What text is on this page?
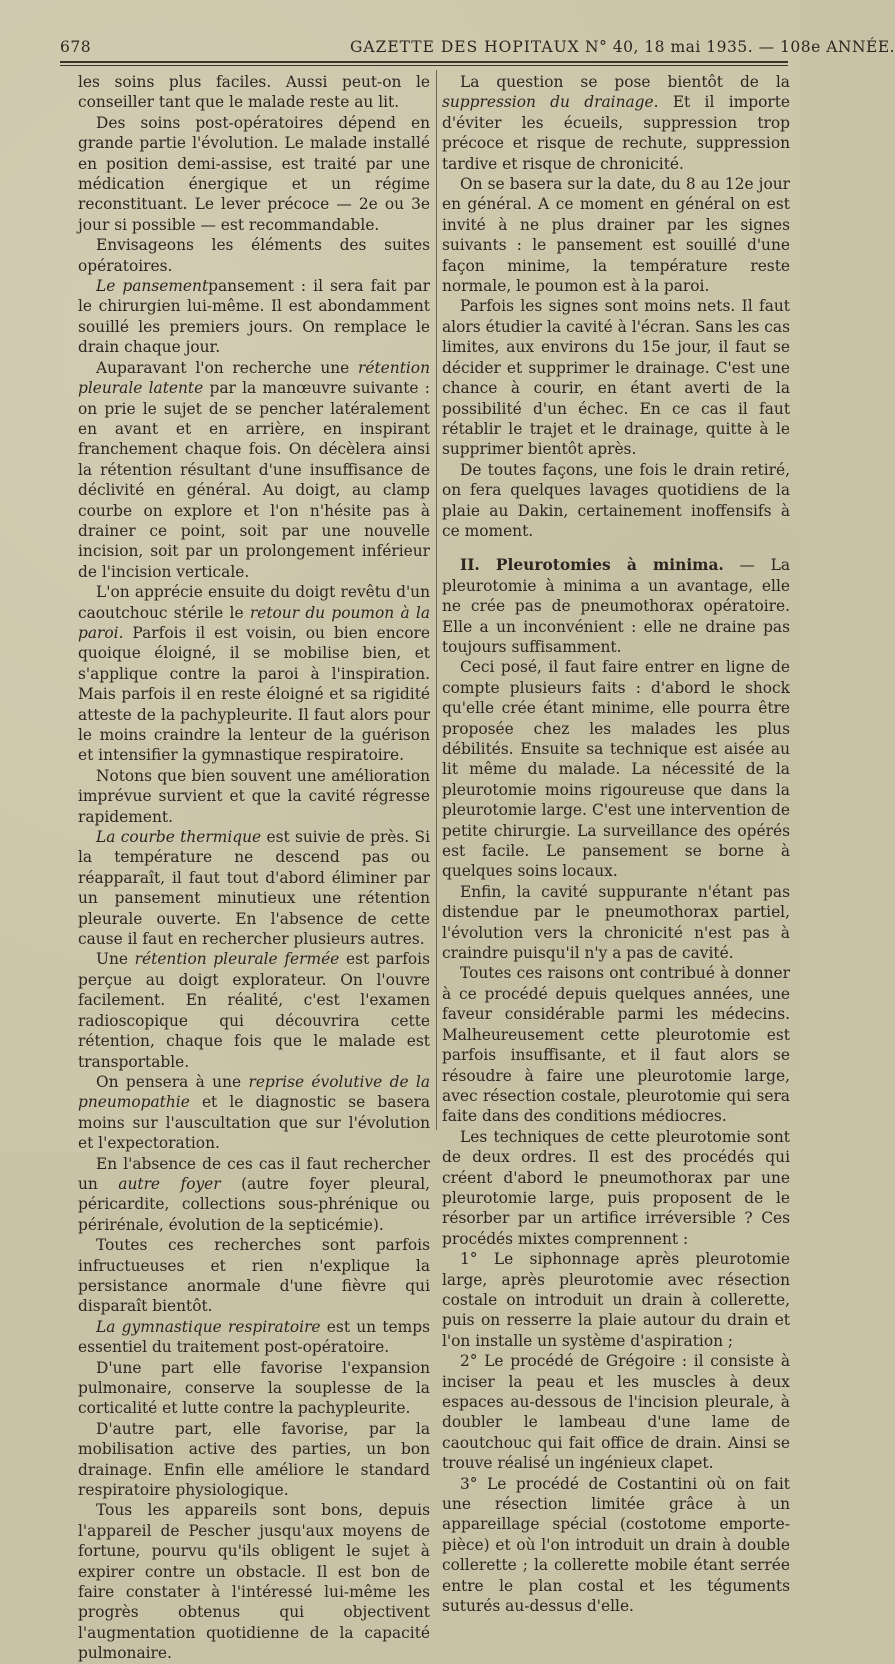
678	GAZETTE DES HOPITAUX N° 40, 18 mai 1935. — 108e ANNÉE.

les soins plus faciles. Aussi peut-on le conseiller tant que le malade reste au lit.

Des soins post-opératoires dépend en grande partie l'évolution. Le malade installé en position demi-assise, est traité par une médication énergique et un régime reconstituant. Le lever précoce — 2e ou 3e jour si possible — est recommandable.

Envisageons les éléments des suites opératoires.

Le pansementpansement : il sera fait par le chirurgien lui-même. Il est abondamment souillé les premiers jours. On remplace le drain chaque jour.

Auparavant l'on recherche une rétention pleurale latente par la manœuvre suivante : on prie le sujet de se pencher latéralement en avant et en arrière, en inspirant franchement chaque fois. On décèlera ainsi la rétention résultant d'une insuffisance de déclivité en général. Au doigt, au clamp courbe on explore et l'on n'hésite pas à drainer ce point, soit par une nouvelle incision, soit par un prolongement inférieur de l'incision verticale.

L'on apprécie ensuite du doigt revêtu d'un caoutchouc stérile le retour du poumon à la paroi. Parfois il est voisin, ou bien encore quoique éloigné, il se mobilise bien, et s'applique contre la paroi à l'inspiration. Mais parfois il en reste éloigné et sa rigidité atteste de la pachypleurite. Il faut alors pour le moins craindre la lenteur de la guérison et intensifier la gymnastique respiratoire.

Notons que bien souvent une amélioration imprévue survient et que la cavité régresse rapidement.

La courbe thermique est suivie de près. Si la température ne descend pas ou réapparaît, il faut tout d'abord éliminer par un pansement minutieux une rétention pleurale ouverte. En l'absence de cette cause il faut en rechercher plusieurs autres.

Une rétention pleurale fermée est parfois perçue au doigt explorateur. On l'ouvre facilement. En réalité, c'est l'examen radioscopique qui découvrira cette rétention, chaque fois que le malade est transportable.

On pensera à une reprise évolutive de la pneumopathie et le diagnostic se basera moins sur l'auscultation que sur l'évolution et l'expectoration.

En l'absence de ces cas il faut rechercher un autre foyer (autre foyer pleural, péricardite, collections sous-phrénique ou périrénale, évolution de la septicémie).

Toutes ces recherches sont parfois infructueuses et rien n'explique la persistance anormale d'une fièvre qui disparaît bientôt.

La gymnastique respiratoire est un temps essentiel du traitement post-opératoire.

D'une part elle favorise l'expansion pulmonaire, conserve la souplesse de la corticalité et lutte contre la pachypleurite.

D'autre part, elle favorise, par la mobilisation active des parties, un bon drainage. Enfin elle améliore le standard respiratoire physiologique.

Tous les appareils sont bons, depuis l'appareil de Pescher jusqu'aux moyens de fortune, pourvu qu'ils obligent le sujet à expirer contre un obstacle. Il est bon de faire constater à l'intéressé lui-même les progrès obtenus qui objectivent l'augmentation quotidienne de la capacité pulmonaire.

La question se pose bientôt de la suppression du drainage. Et il importe d'éviter les écueils, suppression trop précoce et risque de rechute, suppression tardive et risque de chronicité.

On se basera sur la date, du 8 au 12e jour en général. A ce moment en général on est invité à ne plus drainer par les signes suivants : le pansement est souillé d'une façon minime, la température reste normale, le poumon est à la paroi.

Parfois les signes sont moins nets. Il faut alors étudier la cavité à l'écran. Sans les cas limites, aux environs du 15e jour, il faut se décider et supprimer le drainage. C'est une chance à courir, en étant averti de la possibilité d'un échec. En ce cas il faut rétablir le trajet et le drainage, quitte à le supprimer bientôt après.

De toutes façons, une fois le drain retiré, on fera quelques lavages quotidiens de la plaie au Dakin, certainement inoffensifs à ce moment.

II. Pleurotomies à minima. — La pleurotomie à minima a un avantage, elle ne crée pas de pneumothorax opératoire. Elle a un inconvénient : elle ne draine pas toujours suffisamment.

Ceci posé, il faut faire entrer en ligne de compte plusieurs faits : d'abord le shock qu'elle crée étant minime, elle pourra être proposée chez les malades les plus débilités. Ensuite sa technique est aisée au lit même du malade. La nécessité de la pleurotomie moins rigoureuse que dans la pleurotomie large. C'est une intervention de petite chirurgie. La surveillance des opérés est facile. Le pansement se borne à quelques soins locaux.

Enfin, la cavité suppurante n'étant pas distendue par le pneumothorax partiel, l'évolution vers la chronicité n'est pas à craindre puisqu'il n'y a pas de cavité.

Toutes ces raisons ont contribué à donner à ce procédé depuis quelques années, une faveur considérable parmi les médecins. Malheureusement cette pleurotomie est parfois insuffisante, et il faut alors se résoudre à faire une pleurotomie large, avec résection costale, pleurotomie qui sera faite dans des conditions médiocres.

Les techniques de cette pleurotomie sont de deux ordres. Il est des procédés qui créent d'abord le pneumothorax par une pleurotomie large, puis proposent de le résorber par un artifice irréversible ? Ces procédés mixtes comprennent :

1° Le siphonnage après pleurotomie large, après pleurotomie avec résection costale on introduit un drain à collerette, puis on resserre la plaie autour du drain et l'on installe un système d'aspiration ;

2° Le procédé de Grégoire : il consiste à inciser la peau et les muscles à deux espaces au-dessous de l'incision pleurale, à doubler le lambeau d'une lame de caoutchouc qui fait office de drain. Ainsi se trouve réalisé un ingénieux clapet.

3° Le procédé de Costantini où on fait une résection limitée grâce à un appareillage spécial (costotome emporte-pièce) et où l'on introduit un drain à double collerette ; la collerette mobile étant serrée entre le plan costal et les téguments suturés au-dessus d'elle.
